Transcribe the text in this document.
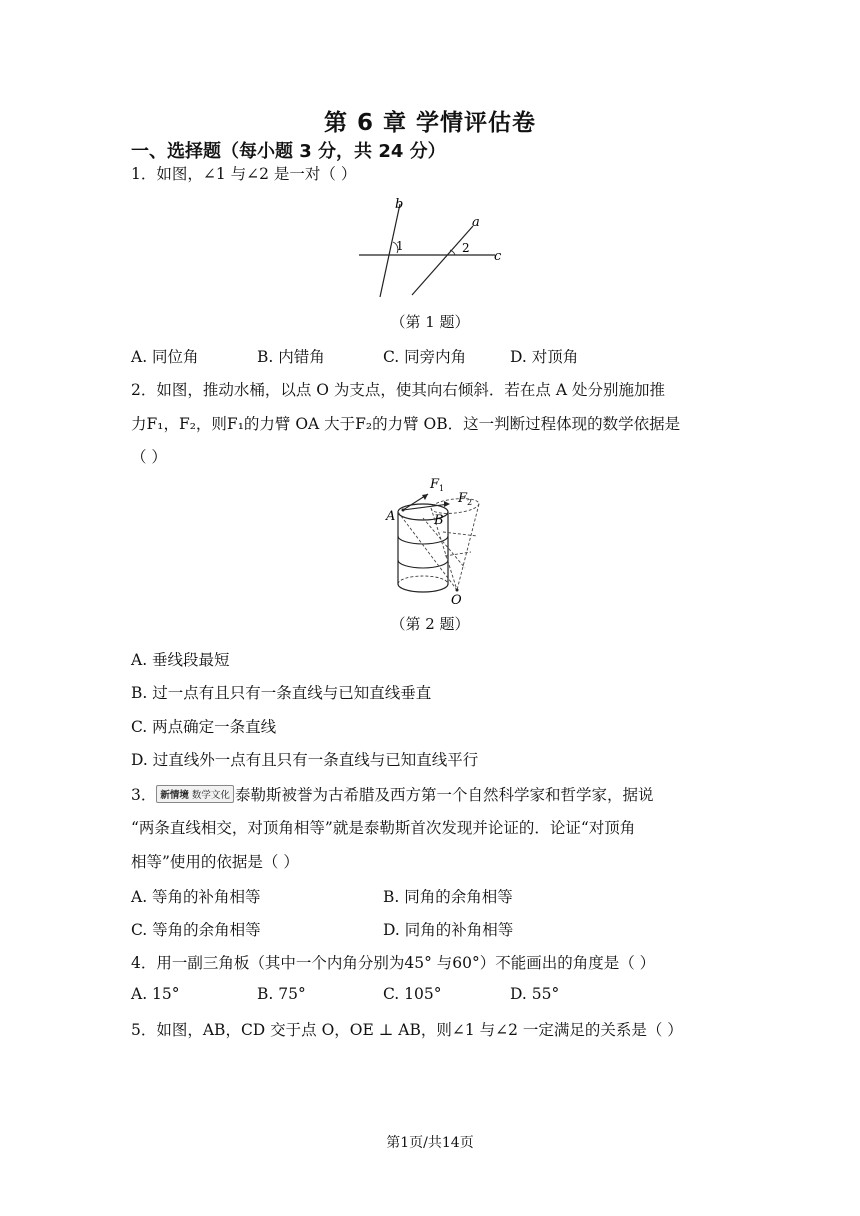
第 6 章 学情评估卷
一、选择题（每小题 3 分，共 24 分）
1．如图，∠1 与∠2 是一对（ ）
b
a
c
1	2
（第 1 题）
A. 同位角	B. 内错角	C. 同旁内角	D. 对顶角
2．如图，推动水桶，以点 O 为支点，使其向右倾斜．若在点 A 处分别施加推
力F₁，F₂，则F₁的力臂 OA 大于F₂的力臂 OB．这一判断过程体现的数学依据是
（ ）
F 1
F 2
A	B
O
（第 2 题）
A. 垂线段最短
B. 过一点有且只有一条直线与已知直线垂直
C. 两点确定一条直线
D. 过直线外一点有且只有一条直线与已知直线平行
3． 新情境 数学文化 泰勒斯被誉为古希腊及西方第一个自然科学家和哲学家，据说
“两条直线相交，对顶角相等”就是泰勒斯首次发现并论证的．论证“对顶角
相等”使用的依据是（ ）
A. 等角的补角相等	B. 同角的余角相等
C. 等角的余角相等	D. 同角的补角相等
4．用一副三角板（其中一个内角分别为45° 与60°）不能画出的角度是（ ）
A. 15°	B. 75°	C. 105°	D. 55°
5．如图，AB，CD 交于点 O，OE ⊥ AB，则∠1 与∠2 一定满足的关系是（ ）
第1页/共14页
